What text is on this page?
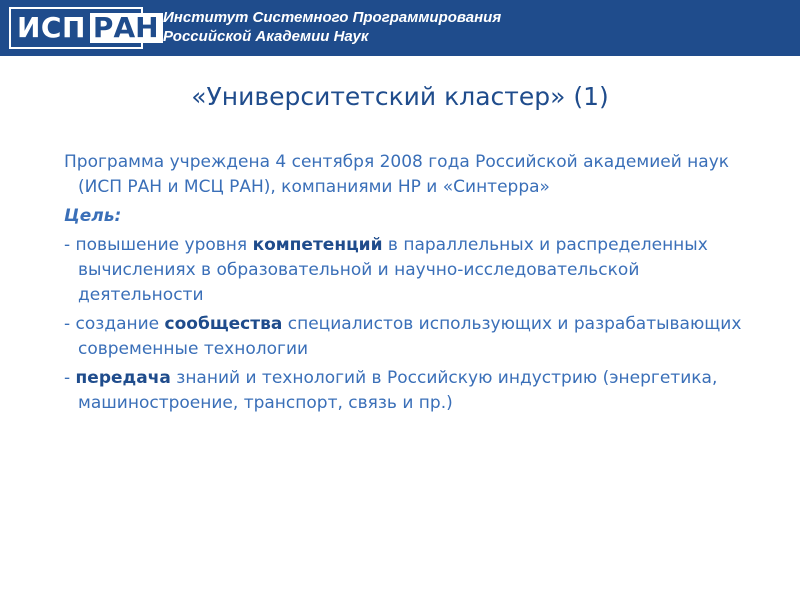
ИСП РАН Институт Системного Программирования
Российской Академии Наук
«Университетский кластер» (1)

Программа учреждена 4 сентября 2008 года Российской академией наук (ИСП РАН и МСЦ РАН), компаниями HP и «Синтерра»

Цель:

- повышение уровня компетенций в параллельных и распределенных вычислениях в образовательной и научно-исследовательской деятельности

- создание сообщества специалистов использующих и разрабатывающих современные технологии

- передача знаний и технологий в Российскую индустрию (энергетика, машиностроение, транспорт, связь и пр.)
